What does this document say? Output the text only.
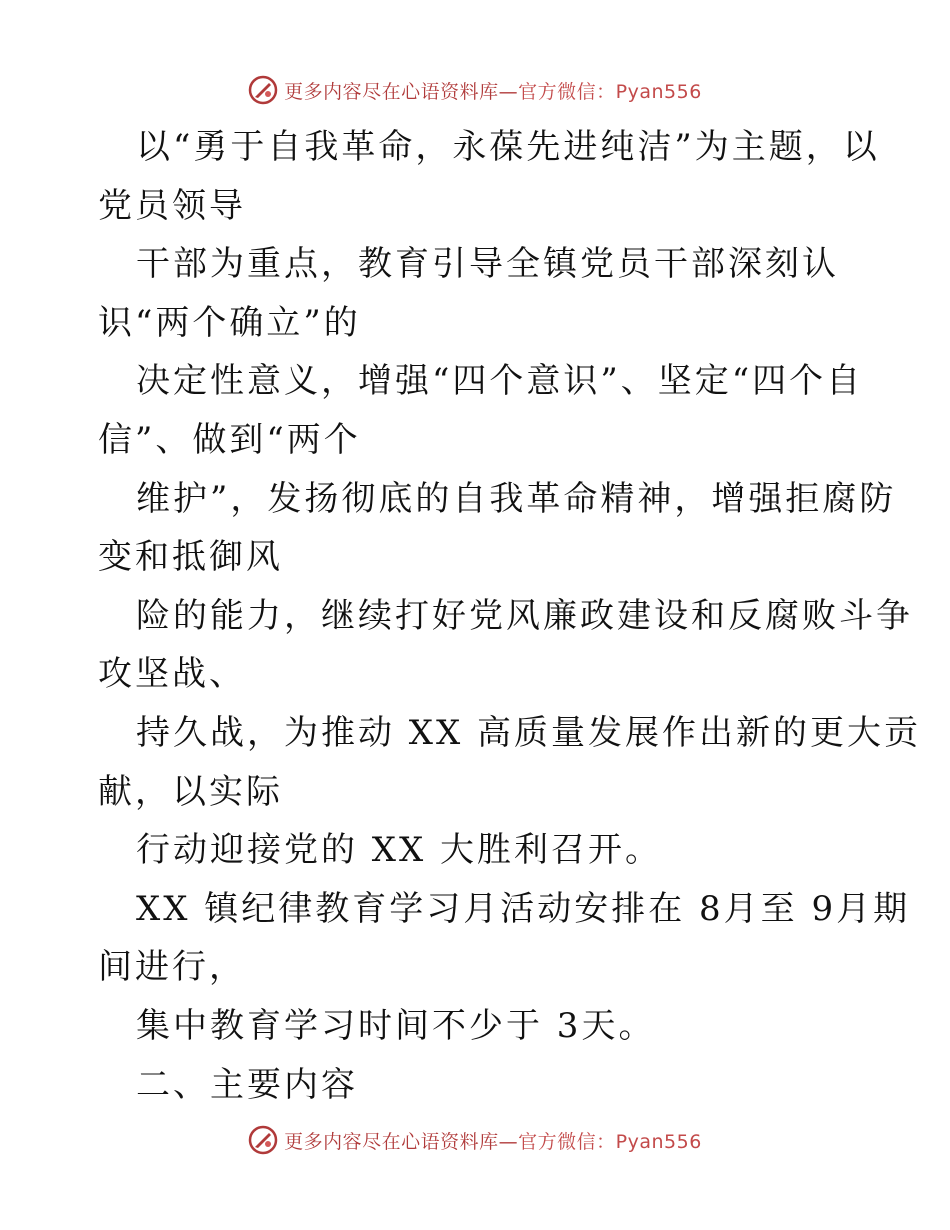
更多内容尽在心语资料库— 官方微信：Pyan556
以“勇于自我革命，永葆先进纯洁”为主题，以
党员领导
干部为重点，教育引导全镇党员干部深刻认
识“两个确立”的
决定性意义，增强“四个意识”、坚定“四个自
信”、做到“两个
维护”，发扬彻底的自我革命精神，增强拒腐防
变和抵御风
险的能力，继续打好党风廉政建设和反腐败斗争
攻坚战、
持久战，为推动 XX 高质量发展作出新的更大贡
献，以实际
行动迎接党的 XX 大胜利召开。
XX 镇纪律教育学习月活动安排在 8月至 9月期
间进行，
集中教育学习时间不少于 3天。
二、主要内容
更多内容尽在心语资料库— 官方微信：Pyan556
